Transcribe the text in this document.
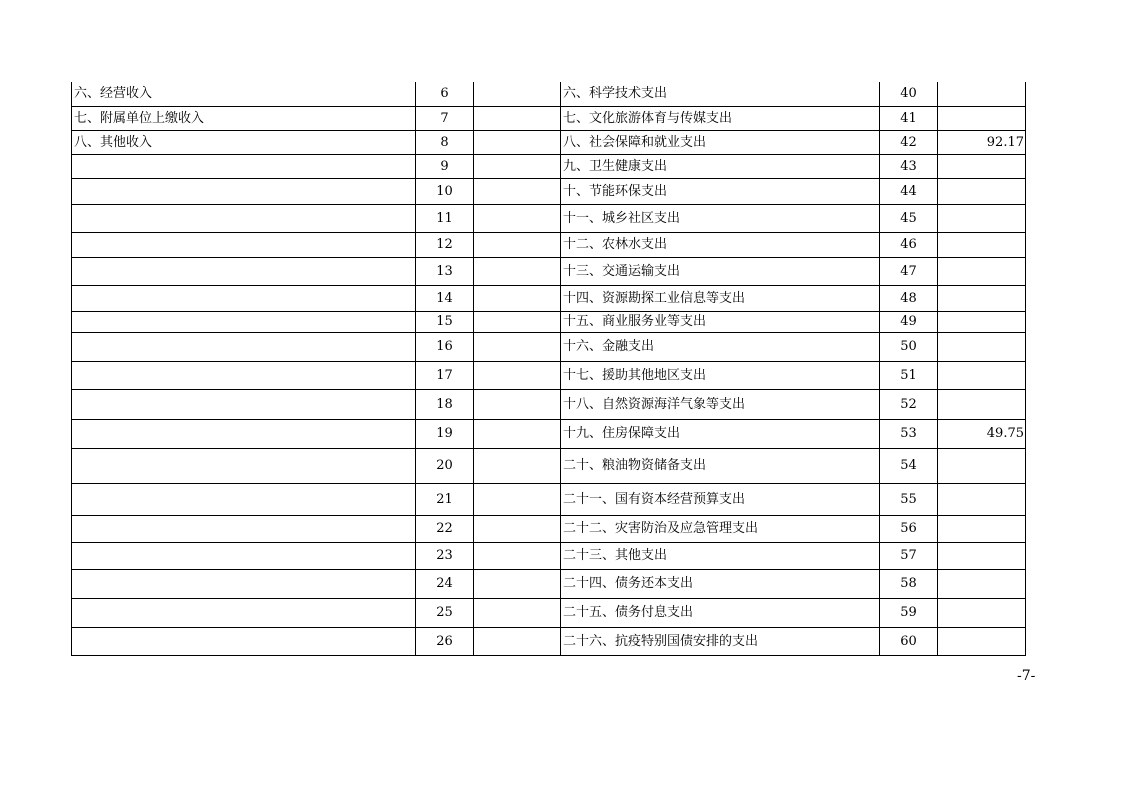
六、经营收入	6		六、科学技术支出	40	
七、附属单位上缴收入	7		七、文化旅游体育与传媒支出	41	
八、其他收入	8		八、社会保障和就业支出	42	92.17
	9		九、卫生健康支出	43	
	10		十、节能环保支出	44	
	11		十一、城乡社区支出	45	
	12		十二、农林水支出	46	
	13		十三、交通运输支出	47	
	14		十四、资源勘探工业信息等支出	48	
	15		十五、商业服务业等支出	49	
	16		十六、金融支出	50	
	17		十七、援助其他地区支出	51	
	18		十八、自然资源海洋气象等支出	52	
	19		十九、住房保障支出	53	49.75
	20		二十、粮油物资储备支出	54	
	21		二十一、国有资本经营预算支出	55	
	22		二十二、灾害防治及应急管理支出	56	
	23		二十三、其他支出	57	
	24		二十四、债务还本支出	58	
	25		二十五、债务付息支出	59	
	26		二十六、抗疫特别国债安排的支出	60	
-7-
